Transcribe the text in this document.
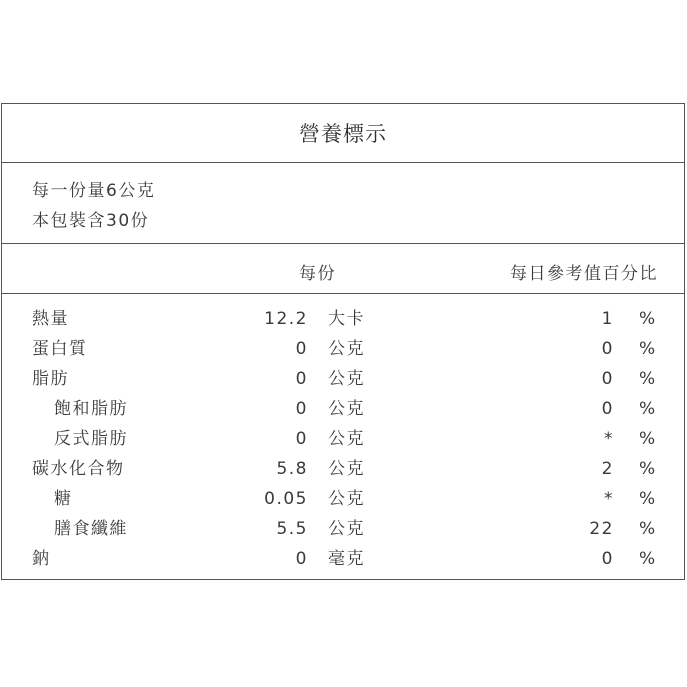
營養標示
每一份量6公克
本包裝含30份
每份	每日參考值百分比
熱量	12.2 大卡	1 %
蛋白質	0 公克	0 %
脂肪	0 公克	0 %
飽和脂肪	0 公克	0 %
反式脂肪	0 公克	* %
碳水化合物	5.8 公克	2 %
糖	0.05 公克	* %
膳食纖維	5.5 公克	22 %
鈉	0 毫克	0 %
